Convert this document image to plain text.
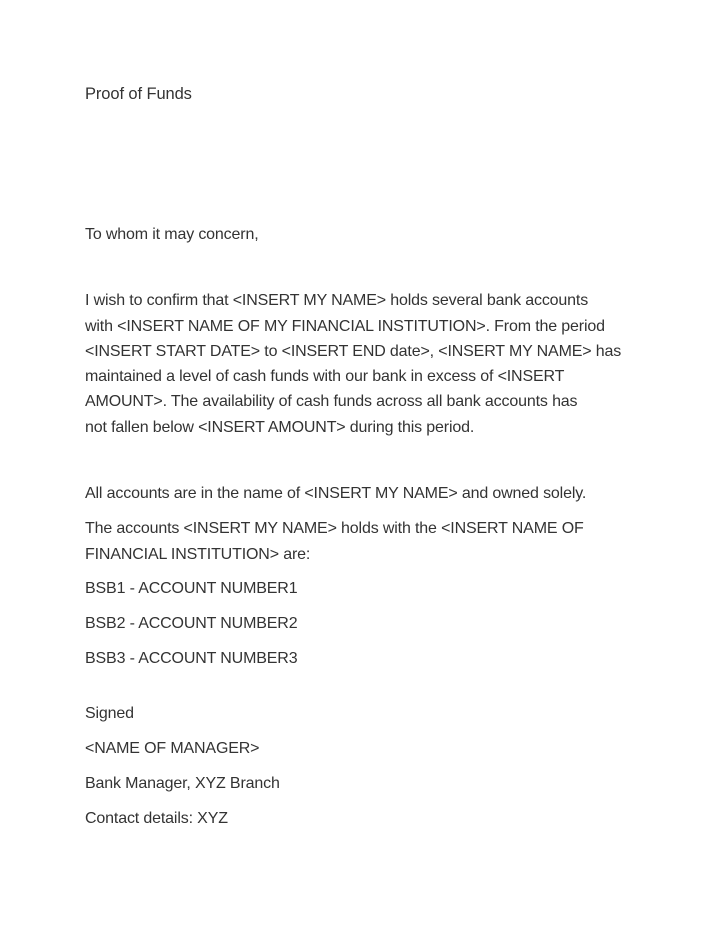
Proof of Funds
To whom it may concern,
I wish to confirm that <INSERT MY NAME> holds several bank accounts
with <INSERT NAME OF MY FINANCIAL INSTITUTION>. From the period
<INSERT START DATE> to <INSERT END date>, <INSERT MY NAME> has
maintained a level of cash funds with our bank in excess of <INSERT
AMOUNT>. The availability of cash funds across all bank accounts has
not fallen below <INSERT AMOUNT> during this period.
All accounts are in the name of <INSERT MY NAME> and owned solely.
The accounts <INSERT MY NAME> holds with the <INSERT NAME OF
FINANCIAL INSTITUTION> are:
BSB1 - ACCOUNT NUMBER1
BSB2 - ACCOUNT NUMBER2
BSB3 - ACCOUNT NUMBER3
Signed
<NAME OF MANAGER>
Bank Manager, XYZ Branch
Contact details: XYZ
